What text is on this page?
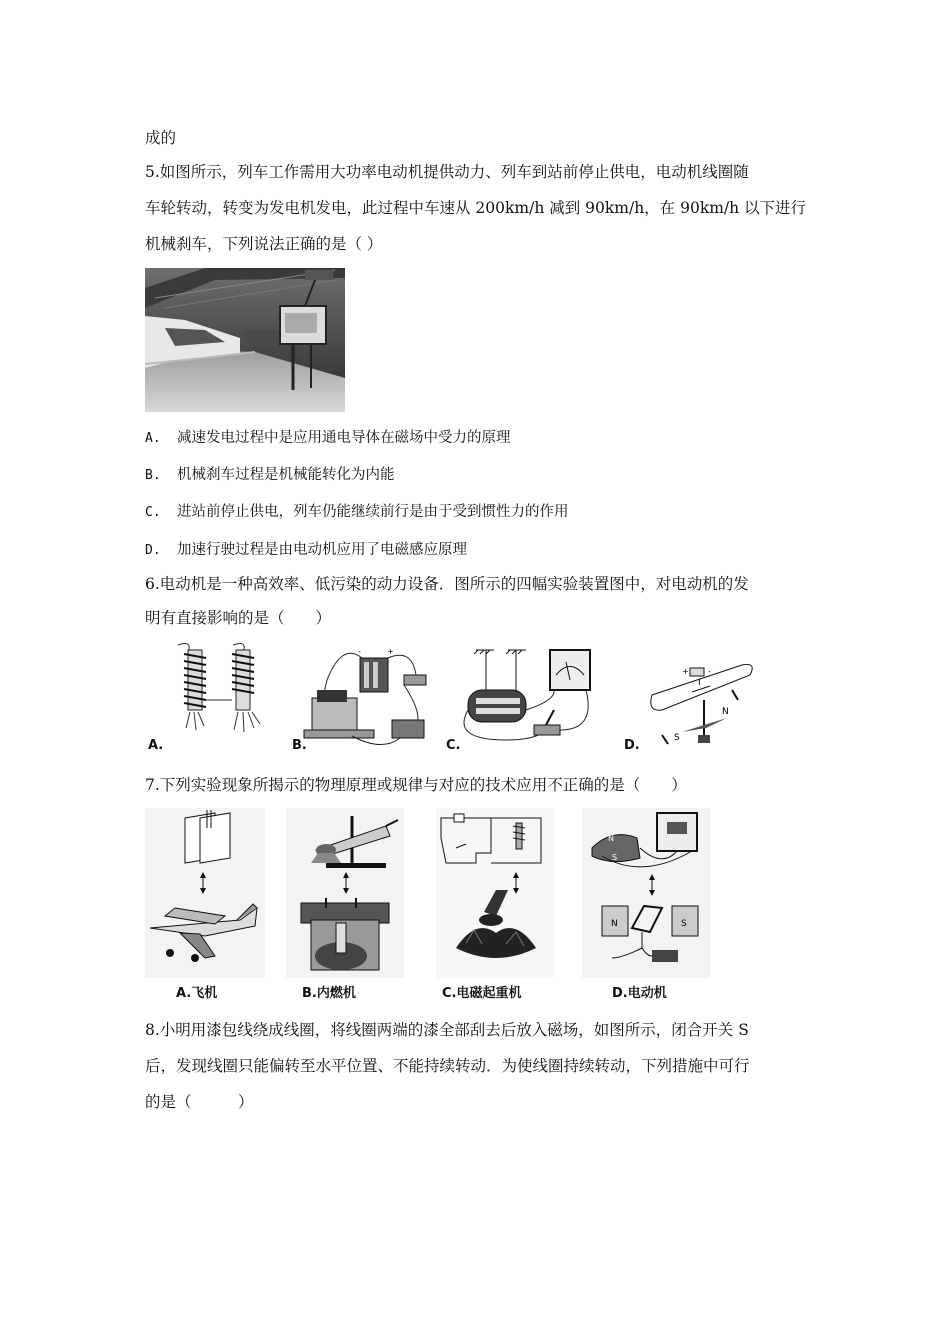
成的
5.如图所示，列车工作需用大功率电动机提供动力、列车到站前停止供电，电动机线圈随
车轮转动，转变为发电机发电，此过程中车速从 200km/h 减到 90km/h，在 90km/h 以下进行
机械刹车，下列说法正确的是（ ）
A. 减速发电过程中是应用通电导体在磁场中受力的原理
B. 机械刹车过程是机械能转化为内能
C. 进站前停止供电，列车仍能继续前行是由于受到惯性力的作用
D. 加速行驶过程是由电动机应用了电磁感应原理
6.电动机是一种高效率、低污染的动力设备．图所示的四幅实验装置图中，对电动机的发
明有直接影响的是（　　）
A.
-	+
B.	C.
+ -
I
N
S
D.
7.下列实验现象所揭示的物理原理或规律与对应的技术应用不正确的是（　　）
A.飞机	B.内燃机	C.电磁起重机
N
S
N	S
D.电动机
8.小明用漆包线绕成线圈，将线圈两端的漆全部刮去后放入磁场，如图所示，闭合开关 S
后，发现线圈只能偏转至水平位置、不能持续转动．为使线圈持续转动，下列措施中可行
的是（　　　）
